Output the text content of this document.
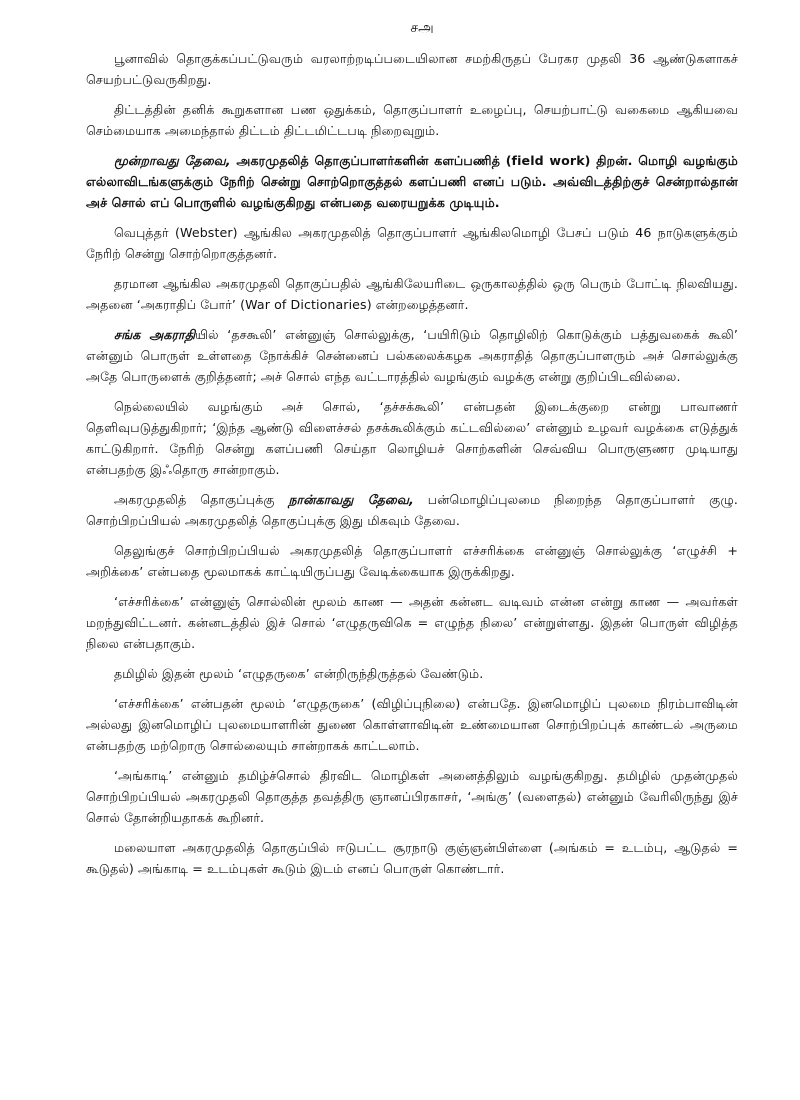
சஅ

பூனாவில் தொகுக்கப்பட்டுவரும் வரலாற்றடிப்படையிலான சமற்கிருதப் பேரகர முதலி 36 ஆண்டுகளாகச் செயற்பட்டுவருகிறது.

திட்டத்தின் தனிக் கூறுகளான பண ஒதுக்கம், தொகுப்பாளர் உழைப்பு, செயற்பாட்டு வகைமை ஆகியவை செம்மையாக அமைந்தால் திட்டம் திட்டமிட்டபடி நிறைவுறும்.

மூன்றாவது தேவை, அகரமுதலித் தொகுப்பாளர்களின் களப்பணித் (field work) திறன். மொழி வழங்கும் எல்லாவிடங்களுக்கும் நேரிற் சென்று சொற்றொகுத்தல் களப்பணி எனப் படும். அவ்விடத்திற்குச் சென்றால்தான் அச் சொல் எப் பொருளில் வழங்குகிறது என்பதை வரையறுக்க முடியும்.

வெபுத்தர் (Webster) ஆங்கில அகரமுதலித் தொகுப்பாளர் ஆங்கிலமொழி பேசப் படும் 46 நாடுகளுக்கும் நேரிற் சென்று சொற்றொகுத்தனர்.

தரமான ஆங்கில அகரமுதலி தொகுப்பதில் ஆங்கிலேயரிடை ஒருகாலத்தில் ஒரு பெரும் போட்டி நிலவியது. அதனை ‘அகராதிப் போர்’ (War of Dictionaries) என்றழைத்தனர்.

சங்க அகராதியில் ‘தசகூலி’ என்னுஞ் சொல்லுக்கு, ‘பயிரிடும் தொழிலிற் கொடுக்கும் பத்துவகைக் கூலி’ என்னும் பொருள் உள்ளதை நோக்கிச் சென்னைப் பல்கலைக்கழக அகராதித் தொகுப்பாளரும் அச் சொல்லுக்கு அதே பொருளைக் குறித்தனர்; அச் சொல் எந்த வட்டாரத்தில் வழங்கும் வழக்கு என்று குறிப்பிடவில்லை.

நெல்லையில் வழங்கும் அச் சொல், ‘தச்சக்கூலி’ என்பதன் இடைக்குறை என்று பாவாணர் தெளிவுபடுத்துகிறார்; ‘இந்த ஆண்டு விளைச்சல் தசக்கூலிக்கும் கட்டவில்லை’ என்னும் உழவர் வழக்கை எடுத்துக் காட்டுகிறார். நேரிற் சென்று களப்பணி செய்தா லொழியச் சொற்களின் செவ்விய பொருளுணர முடியாது என்பதற்கு இஃதொரு சான்றாகும்.

அகரமுதலித் தொகுப்புக்கு நான்காவது தேவை, பன்மொழிப்புலமை நிறைந்த தொகுப்பாளர் குழு. சொற்பிறப்பியல் அகரமுதலித் தொகுப்புக்கு இது மிகவும் தேவை.

தெலுங்குச் சொற்பிறப்பியல் அகரமுதலித் தொகுப்பாளர் எச்சரிக்கை என்னுஞ் சொல்லுக்கு ‘எழுச்சி + அறிக்கை’ என்பதை மூலமாகக் காட்டியிருப்பது வேடிக்கையாக இருக்கிறது.

‘எச்சரிக்கை’ என்னுஞ் சொல்லின் மூலம் காண — அதன் கன்னட வடிவம் என்ன என்று காண — அவர்கள் மறந்துவிட்டனர். கன்னடத்தில் இச் சொல் ‘எழுதருவிகெ = எழுந்த நிலை’ என்றுள்ளது. இதன் பொருள் விழித்த நிலை என்பதாகும்.

தமிழில் இதன் மூலம் ‘எழுதருகை’ என்றிருந்திருத்தல் வேண்டும்.

‘எச்சரிக்கை’ என்பதன் மூலம் ‘எழுதருகை’ (விழிப்புநிலை) என்பதே. இனமொழிப் புலமை நிரம்பாவிடின் அல்லது இனமொழிப் புலமையாளரின் துணை கொள்ளாவிடின் உண்மையான சொற்பிறப்புக் காண்டல் அருமை என்பதற்கு மற்றொரு சொல்லையும் சான்றாகக் காட்டலாம்.

‘அங்காடி’ என்னும் தமிழ்ச்சொல் திரவிட மொழிகள் அனைத்திலும் வழங்குகிறது. தமிழில் முதன்முதல் சொற்பிறப்பியல் அகரமுதலி தொகுத்த தவத்திரு ஞானப்பிரகாசர், ‘அங்கு’ (வளைதல்) என்னும் வேரிலிருந்து இச் சொல் தோன்றியதாகக் கூறினர்.

மலையாள அகரமுதலித் தொகுப்பில் ஈடுபட்ட சூரநாடு குஞ்ஞன்பிள்ளை (அங்கம் = உடம்பு, ஆடுதல் = கூடுதல்) அங்காடி = உடம்புகள் கூடும் இடம் எனப் பொருள் கொண்டார்.
